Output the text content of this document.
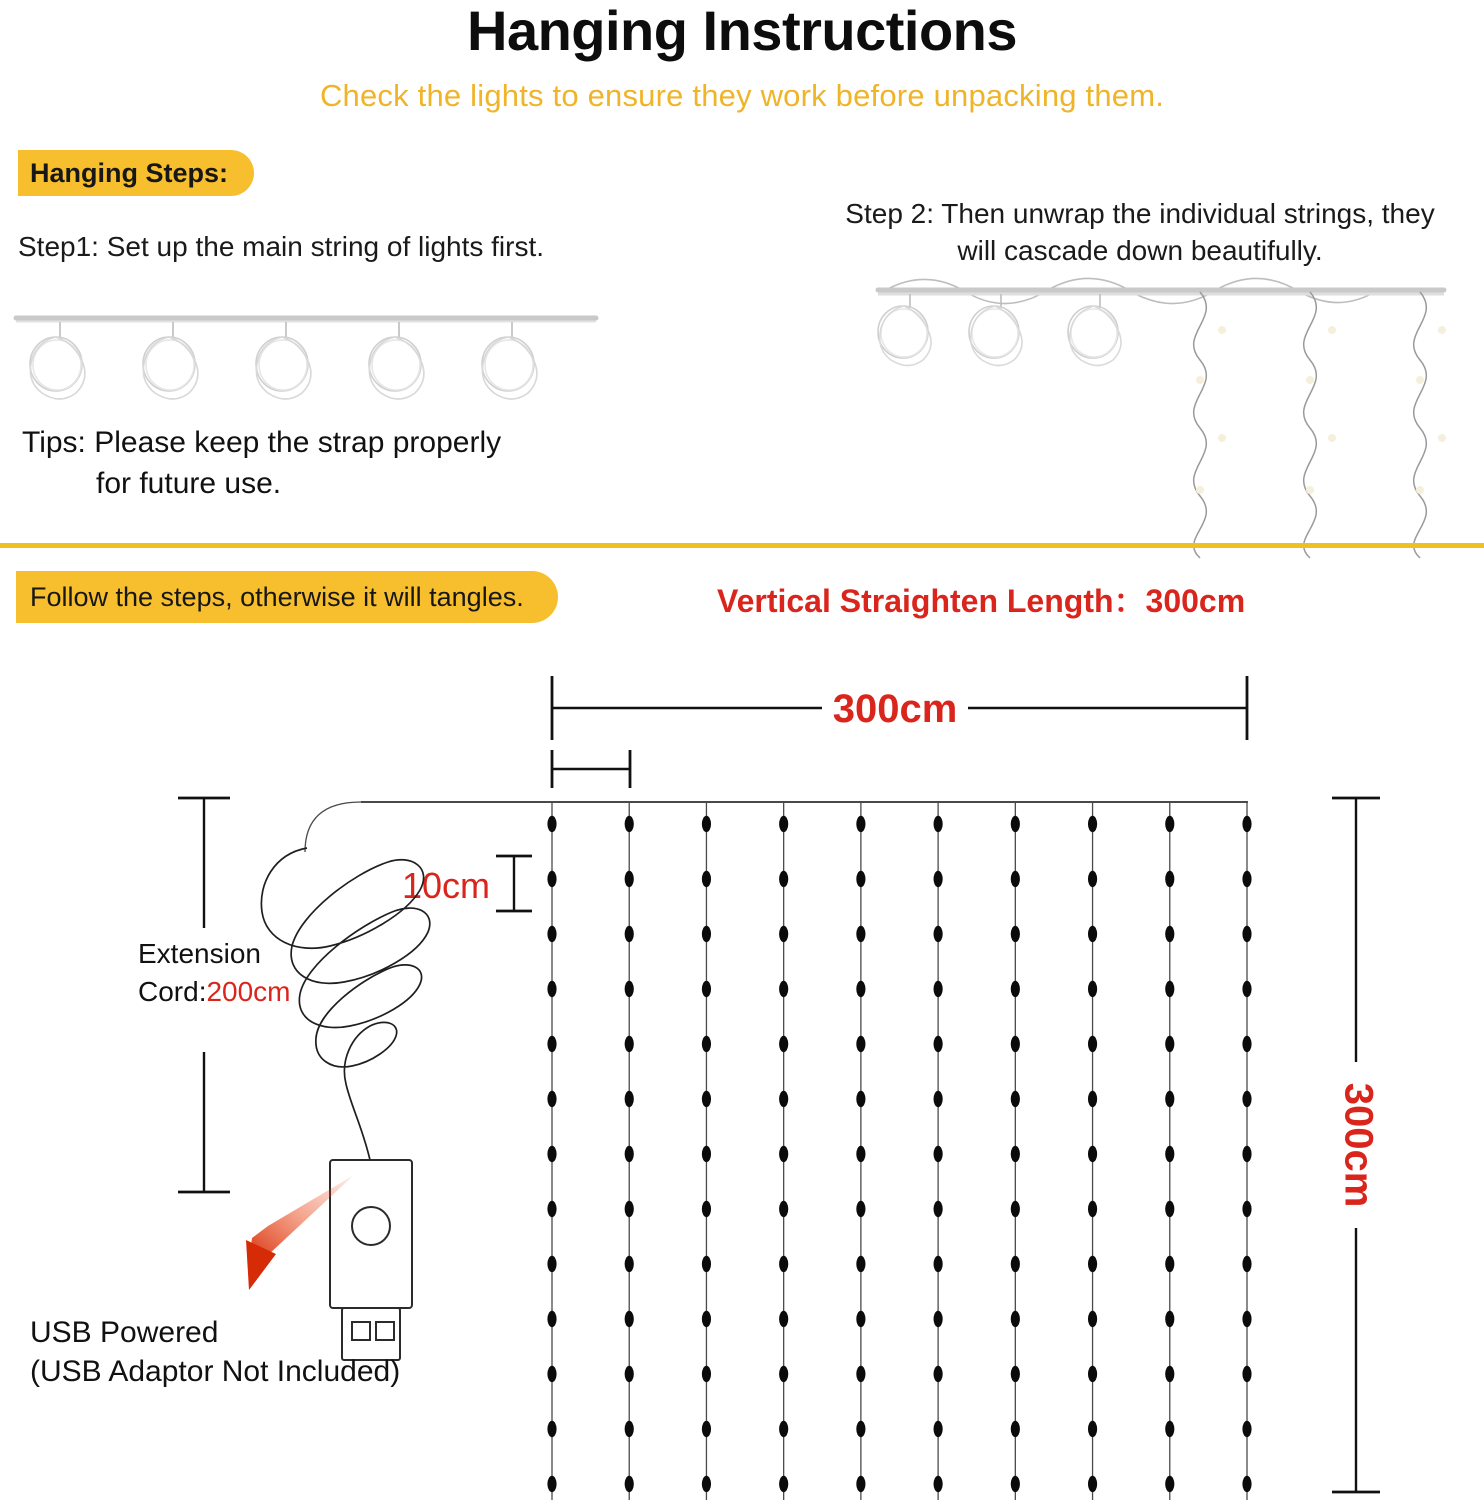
Hanging Instructions
Check the lights to ensure they work before unpacking them.
Hanging Steps:
Step1: Set up the main string of lights first.
Step 2: Then unwrap the individual strings, they
will cascade down beautifully.
Tips: Please keep the strap properly
for future use.
Follow the steps, otherwise it will tangles.	Vertical Straighten Length：300cm
300cm
10cm
300cm
Extension
Cord:200cm
USB Powered
(USB Adaptor Not Included)
